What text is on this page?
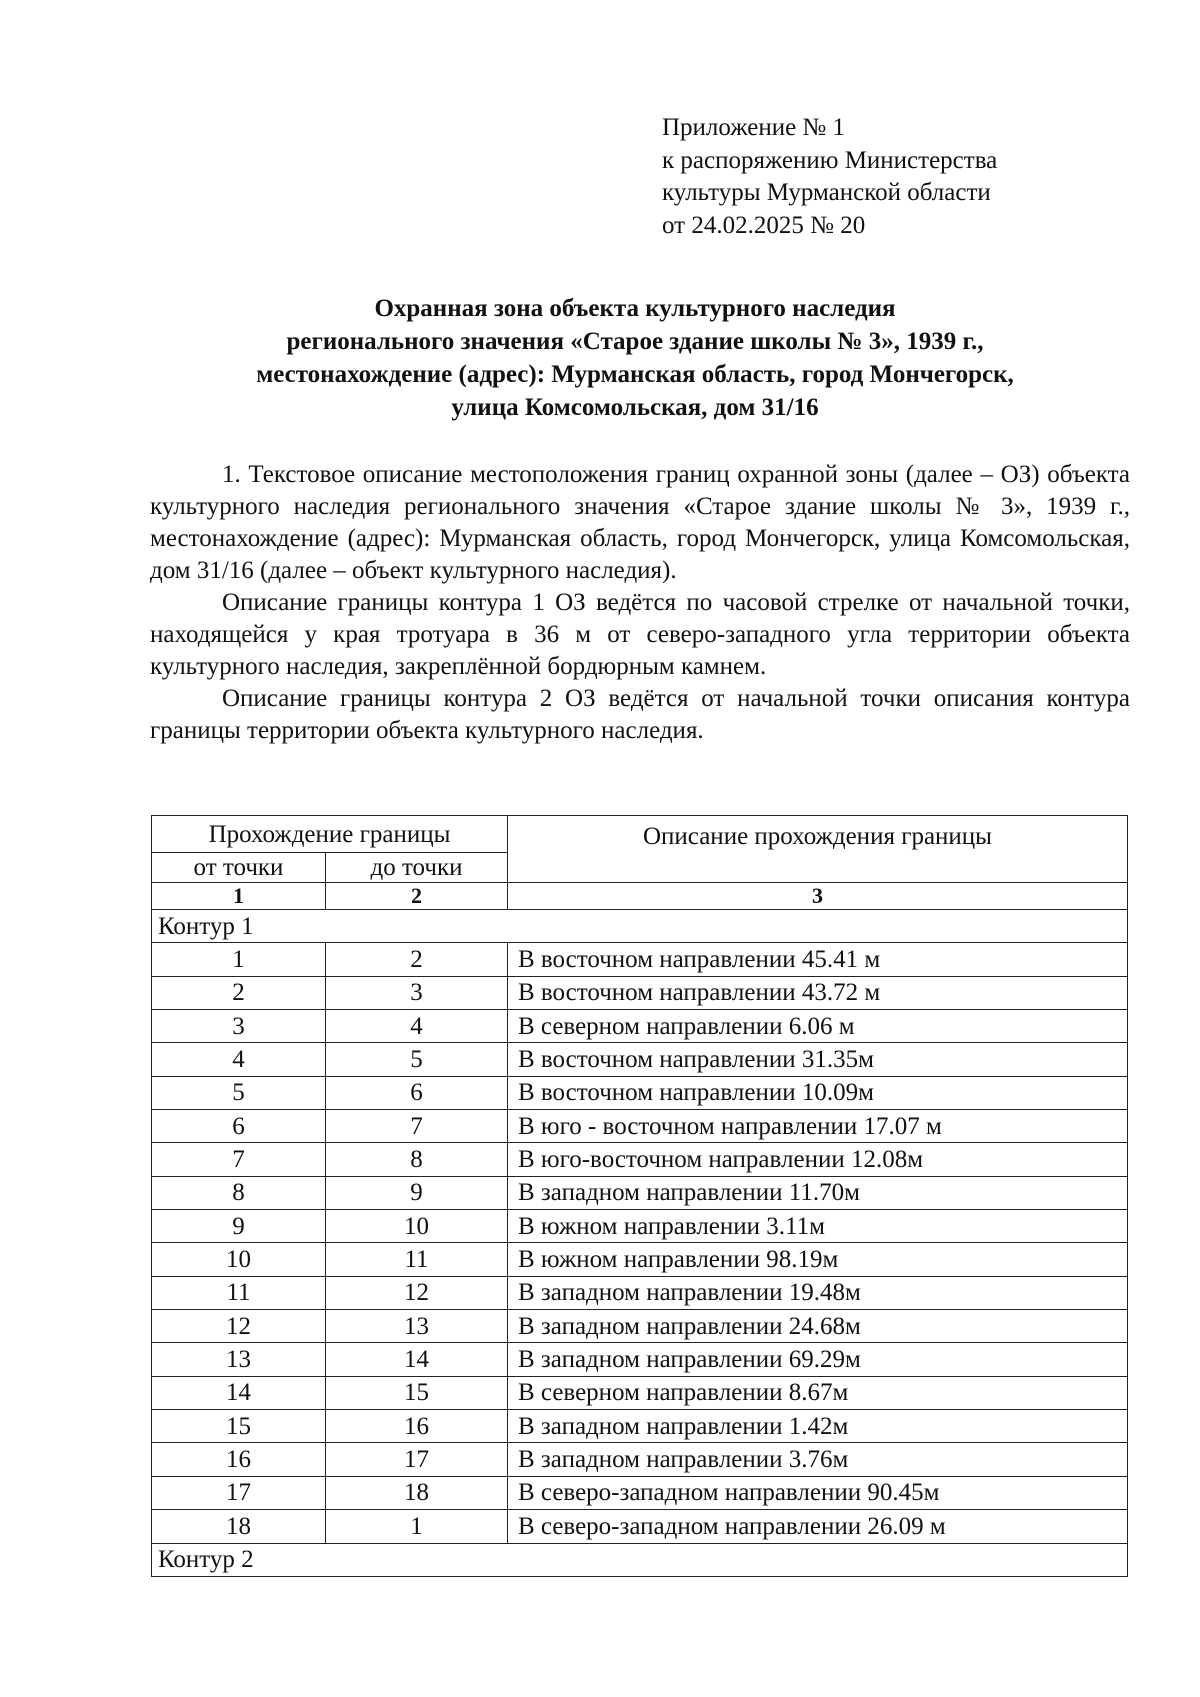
Приложение № 1
к распоряжению Министерства
культуры Мурманской области
от 24.02.2025 № 20
Охранная зона объекта культурного наследия
регионального значения «Старое здание школы № 3», 1939 г.,
местонахождение (адрес): Мурманская область, город Мончегорск,
улица Комсомольская, дом 31/16

1. Текстовое описание местоположения границ охранной зоны (далее – ОЗ) объекта культурного наследия регионального значения «Старое здание школы № 3», 1939 г., местонахождение (адрес): Мурманская область, город Мончегорск, улица Комсомольская, дом 31/16 (далее – объект культурного наследия).

Описание границы контура 1 ОЗ ведётся по часовой стрелке от начальной точки, находящейся у края тротуара в 36 м от северо-западного угла территории объекта культурного наследия, закреплённой бордюрным камнем.

Описание границы контура 2 ОЗ ведётся от начальной точки описания контура границы территории объекта культурного наследия.

Прохождение границы		Описание прохождения границы
от точки	до точки	
1	2	3
Контур 1		
1	2	В восточном направлении 45.41 м
2	3	В восточном направлении 43.72 м
3	4	В северном направлении 6.06 м
4	5	В восточном направлении 31.35м
5	6	В восточном направлении 10.09м
6	7	В юго - восточном направлении 17.07 м
7	8	В юго-восточном направлении 12.08м
8	9	В западном направлении 11.70м
9	10	В южном направлении 3.11м
10	11	В южном направлении 98.19м
11	12	В западном направлении 19.48м
12	13	В западном направлении 24.68м
13	14	В западном направлении 69.29м
14	15	В северном направлении 8.67м
15	16	В западном направлении 1.42м
16	17	В западном направлении 3.76м
17	18	В северо-западном направлении 90.45м
18	1	В северо-западном направлении 26.09 м
Контур 2		
